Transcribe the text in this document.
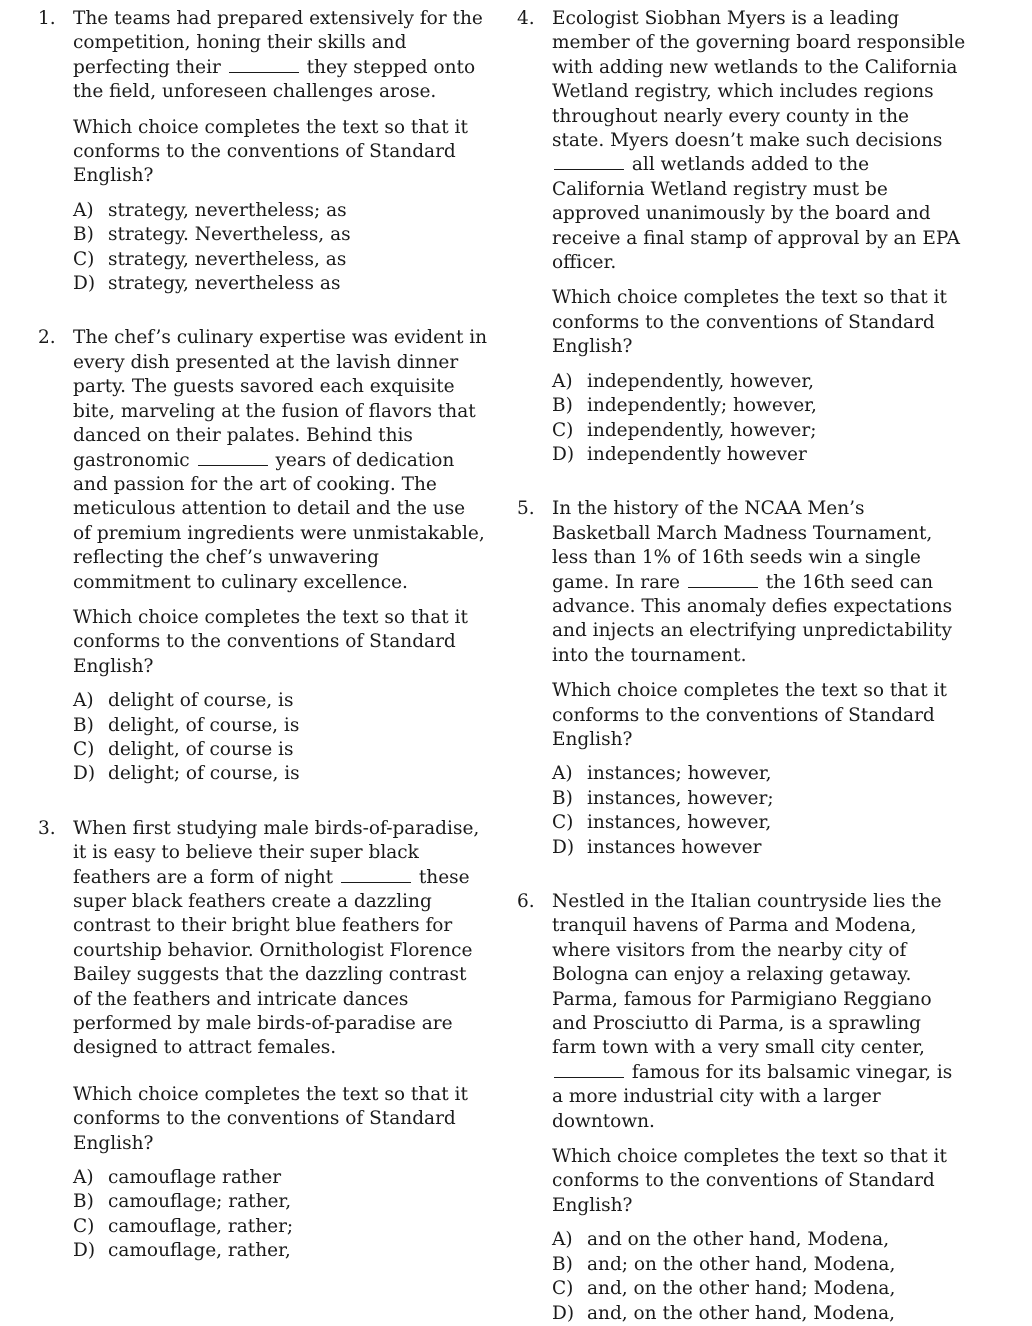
1. The teams had prepared extensively for the competition, honing their skills and perfecting their	they stepped onto the field, unforeseen challenges arose.

Which choice completes the text so that it conforms to the conventions of Standard English?

A) strategy, nevertheless; as
B) strategy. Nevertheless, as
C) strategy, nevertheless, as
D) strategy, nevertheless as
2. The chef’s culinary expertise was evident in every dish presented at the lavish dinner party. The guests savored each exquisite bite, marveling at the fusion of flavors that danced on their palates. Behind this gastronomic	years of dedication and passion for the art of cooking. The meticulous attention to detail and the use of premium ingredients were unmistakable, reflecting the chef’s unwavering commitment to culinary excellence.

Which choice completes the text so that it conforms to the conventions of Standard English?

A) delight of course, is
B) delight, of course, is
C) delight, of course is
D) delight; of course, is
3. When first studying male birds-of-paradise, it is easy to believe their super black feathers are a form of night	these super black feathers create a dazzling contrast to their bright blue feathers for courtship behavior. Ornithologist Florence Bailey suggests that the dazzling contrast of the feathers and intricate dances performed by male birds-of-paradise are designed to attract females.

Which choice completes the text so that it conforms to the conventions of Standard English?

A) camouflage rather
B) camouflage; rather,
C) camouflage, rather;
D) camouflage, rather,
4. Ecologist Siobhan Myers is a leading member of the governing board responsible with adding new wetlands to the California Wetland registry, which includes regions throughout nearly every county in the state. Myers doesn’t make such decisions  all wetlands added to the California Wetland registry must be approved unanimously by the board and receive a final stamp of approval by an EPA officer.

Which choice completes the text so that it conforms to the conventions of Standard English?

A) independently, however,
B) independently; however,
C) independently, however;
D) independently however
5. In the history of the NCAA Men’s Basketball March Madness Tournament, less than 1% of 16th seeds win a single game. In rare	the 16th seed can advance. This anomaly defies expectations and injects an electrifying unpredictability into the tournament.

Which choice completes the text so that it conforms to the conventions of Standard English?

A) instances; however,
B) instances, however;
C) instances, however,
D) instances however
6. Nestled in the Italian countryside lies the tranquil havens of Parma and Modena, where visitors from the nearby city of Bologna can enjoy a relaxing getaway. Parma, famous for Parmigiano Reggiano and Prosciutto di Parma, is a sprawling farm town with a very small city center,  famous for its balsamic vinegar, is a more industrial city with a larger downtown.

Which choice completes the text so that it conforms to the conventions of Standard English?

A) and on the other hand, Modena,
B) and; on the other hand, Modena,
C) and, on the other hand; Modena,
D) and, on the other hand, Modena,
